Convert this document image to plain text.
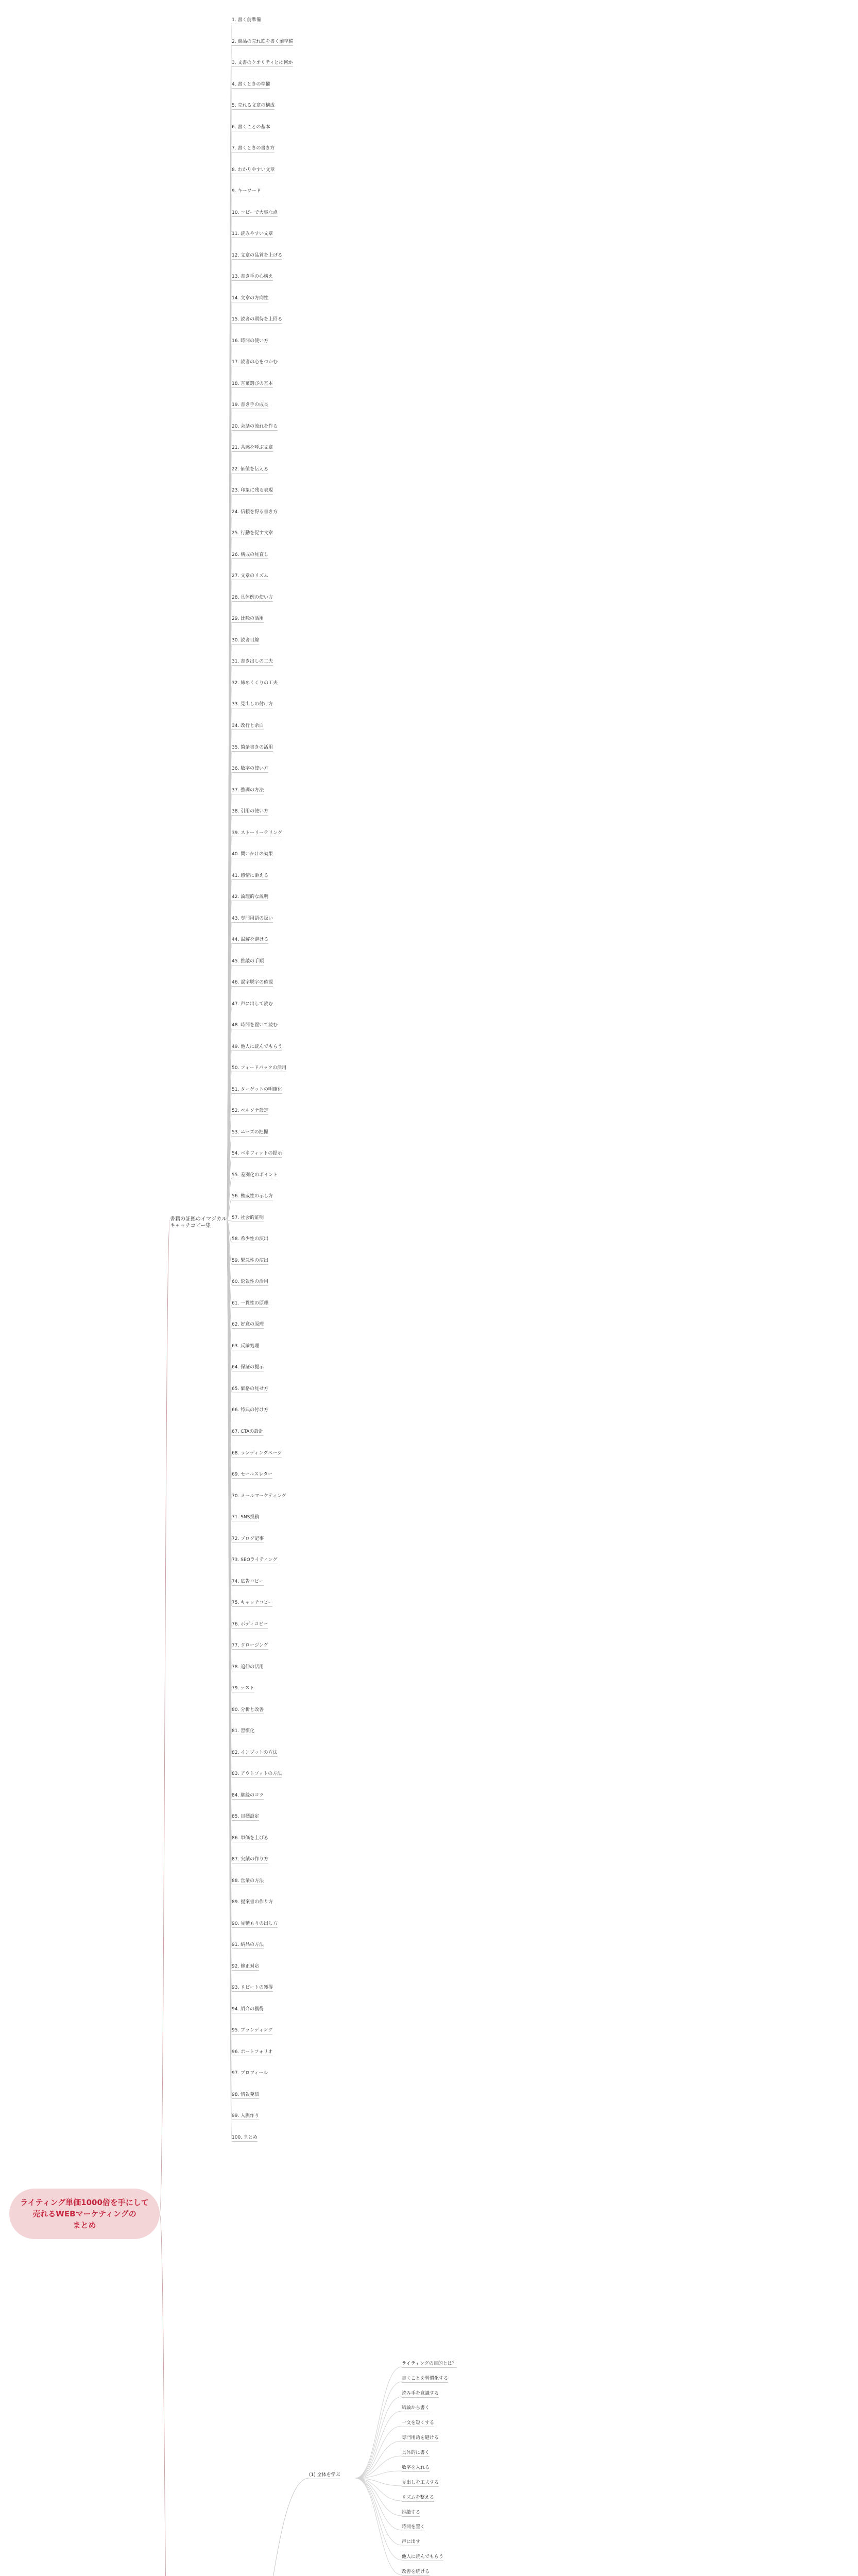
ライティング単価1000倍を手にして
売れるWEBマーケティングの
まとめ
書籍の証拠のイマジカル
キャッチコピー集
1. 書く前準備
2. 商品の売れ筋を書く前準備
3. 文書のクオリティとは何か
4. 書くときの準備
5. 売れる文章の構成
6. 書くことの基本
7. 書くときの書き方
8. わかりやすい文章
9. キーワード
10. コピーで大事な点
11. 読みやすい文章
12. 文章の品質を上げる
13. 書き手の心構え
14. 文章の方向性
15. 読者の期待を上回る
16. 時間の使い方
17. 読者の心をつかむ
18. 言葉選びの基本
19. 書き手の成長
20. 会話の流れを作る
21. 共感を呼ぶ文章
22. 価値を伝える
23. 印象に残る表現
24. 信頼を得る書き方
25. 行動を促す文章
26. 構成の見直し
27. 文章のリズム
28. 具体例の使い方
29. 比喩の活用
30. 読者目線
31. 書き出しの工夫
32. 締めくくりの工夫
33. 見出しの付け方
34. 改行と余白
35. 箇条書きの活用
36. 数字の使い方
37. 強調の方法
38. 引用の使い方
39. ストーリーテリング
40. 問いかけの効果
41. 感情に訴える
42. 論理的な説明
43. 専門用語の扱い
44. 誤解を避ける
45. 推敲の手順
46. 誤字脱字の確認
47. 声に出して読む
48. 時間を置いて読む
49. 他人に読んでもらう
50. フィードバックの活用
51. ターゲットの明確化
52. ペルソナ設定
53. ニーズの把握
54. ベネフィットの提示
55. 差別化のポイント
56. 権威性の示し方
57. 社会的証明
58. 希少性の演出
59. 緊急性の演出
60. 返報性の活用
61. 一貫性の原理
62. 好意の原理
63. 反論処理
64. 保証の提示
65. 価格の見せ方
66. 特典の付け方
67. CTAの設計
68. ランディングページ
69. セールスレター
70. メールマーケティング
71. SNS投稿
72. ブログ記事
73. SEOライティング
74. 広告コピー
75. キャッチコピー
76. ボディコピー
77. クロージング
78. 追伸の活用
79. テスト
80. 分析と改善
81. 習慣化
82. インプットの方法
83. アウトプットの方法
84. 継続のコツ
85. 目標設定
86. 単価を上げる
87. 実績の作り方
88. 営業の方法
89. 提案書の作り方
90. 見積もりの出し方
91. 納品の方法
92. 修正対応
93. リピートの獲得
94. 紹介の獲得
95. ブランディング
96. ポートフォリオ
97. プロフィール
98. 情報発信
99. 人脈作り
100. まとめ
(1) 全体を学ぶ
ライティングの目的とは？
書くことを習慣化する
読み手を意識する
結論から書く
一文を短くする
専門用語を避ける
具体的に書く
数字を入れる
見出しを工夫する
リズムを整える
推敲する
時間を置く
声に出す
他人に読んでもらう
改善を続ける
